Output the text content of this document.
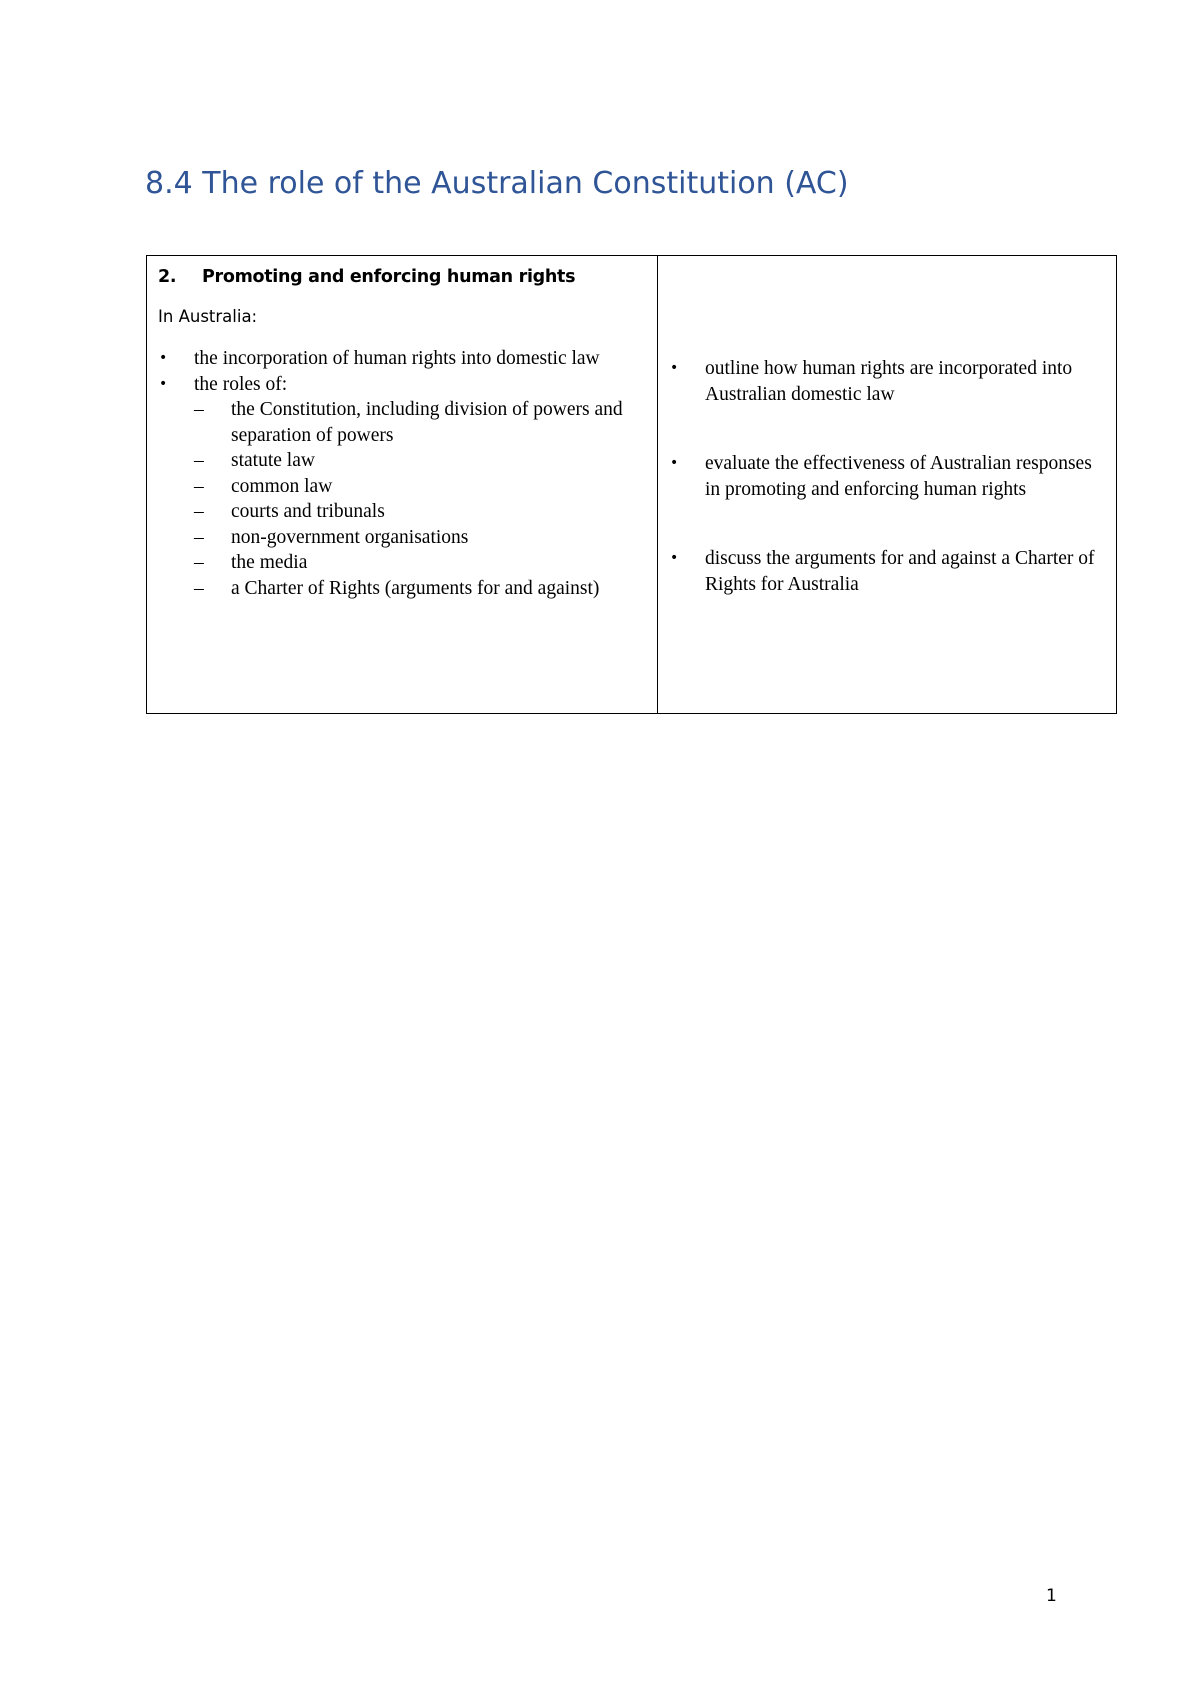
8.4 The role of the Australian Constitution (AC)
2. Promoting and enforcing human rights
In Australia:
• the incorporation of human rights into domestic law
• the roles of:
– the Constitution, including division of powers and separation of powers
– statute law
– common law
– courts and tribunals
– non-government organisations
– the media
– a Charter of Rights (arguments for and against)

• outline how human rights are incorporated into Australian domestic law
• evaluate the effectiveness of Australian responses in promoting and enforcing human rights
• discuss the arguments for and against a Charter of Rights for Australia
1
